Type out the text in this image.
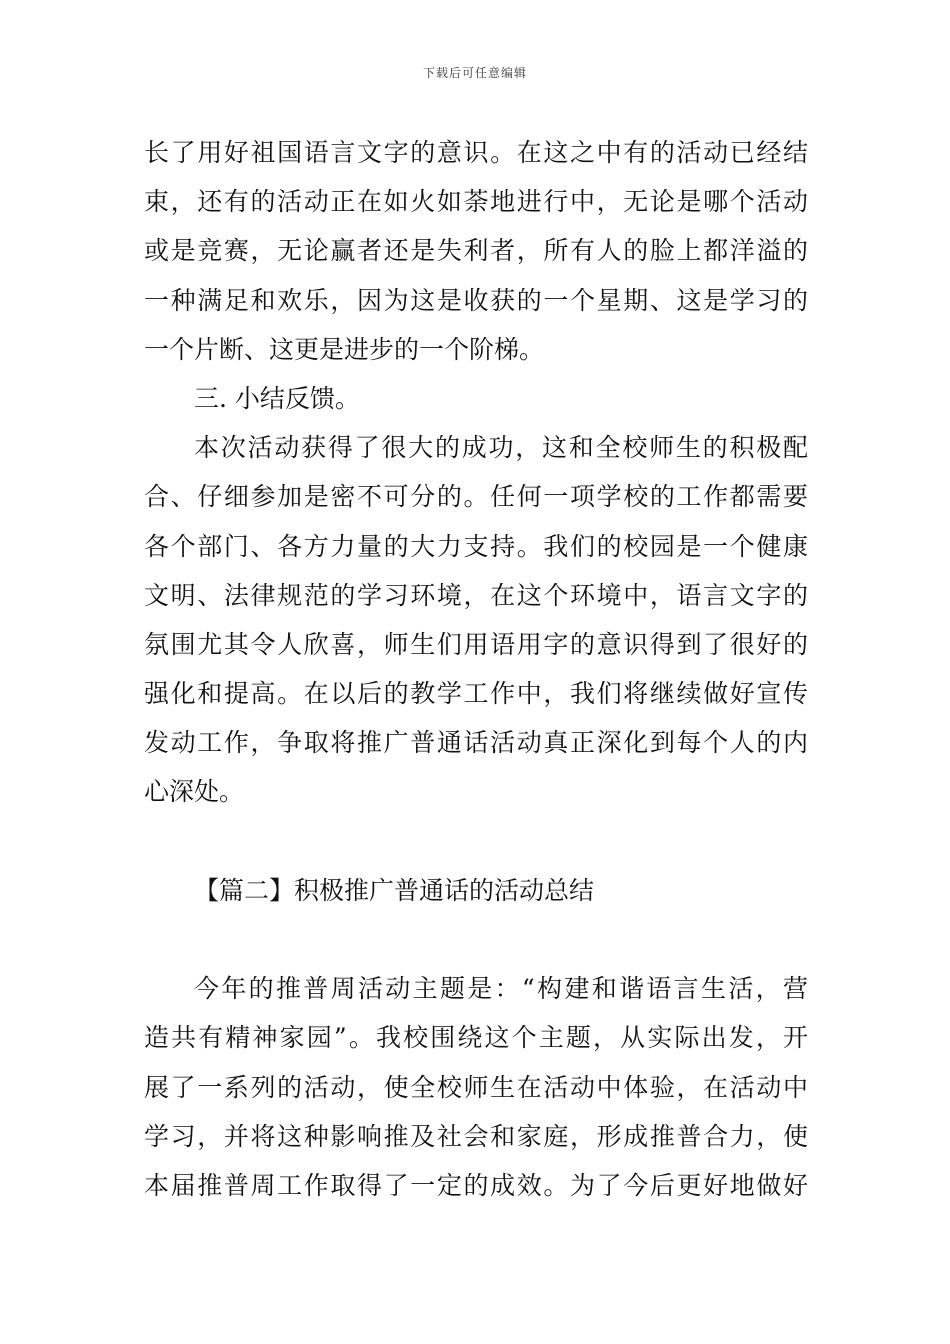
下载后可任意编辑
长了用好祖国语言文字的意识。在这之中有的活动已经结
束，还有的活动正在如火如荼地进行中，无论是哪个活动
或是竞赛，无论赢者还是失利者，所有人的脸上都洋溢的
一种满足和欢乐，因为这是收获的一个星期、这是学习的
一个片断、这更是进步的一个阶梯。
三. 小结反馈。
本次活动获得了很大的成功，这和全校师生的积极配
合、仔细参加是密不可分的。任何一项学校的工作都需要
各个部门、各方力量的大力支持。我们的校园是一个健康
文明、法律规范的学习环境，在这个环境中，语言文字的
氛围尤其令人欣喜，师生们用语用字的意识得到了很好的
强化和提高。在以后的教学工作中，我们将继续做好宣传
发动工作，争取将推广普通话活动真正深化到每个人的内
心深处。
【篇二】积极推广普通话的活动总结
今年的推普周活动主题是：“构建和谐语言生活，营
造共有精神家园”。我校围绕这个主题，从实际出发，开
展了一系列的活动，使全校师生在活动中体验，在活动中
学习，并将这种影响推及社会和家庭，形成推普合力，使
本届推普周工作取得了一定的成效。为了今后更好地做好
